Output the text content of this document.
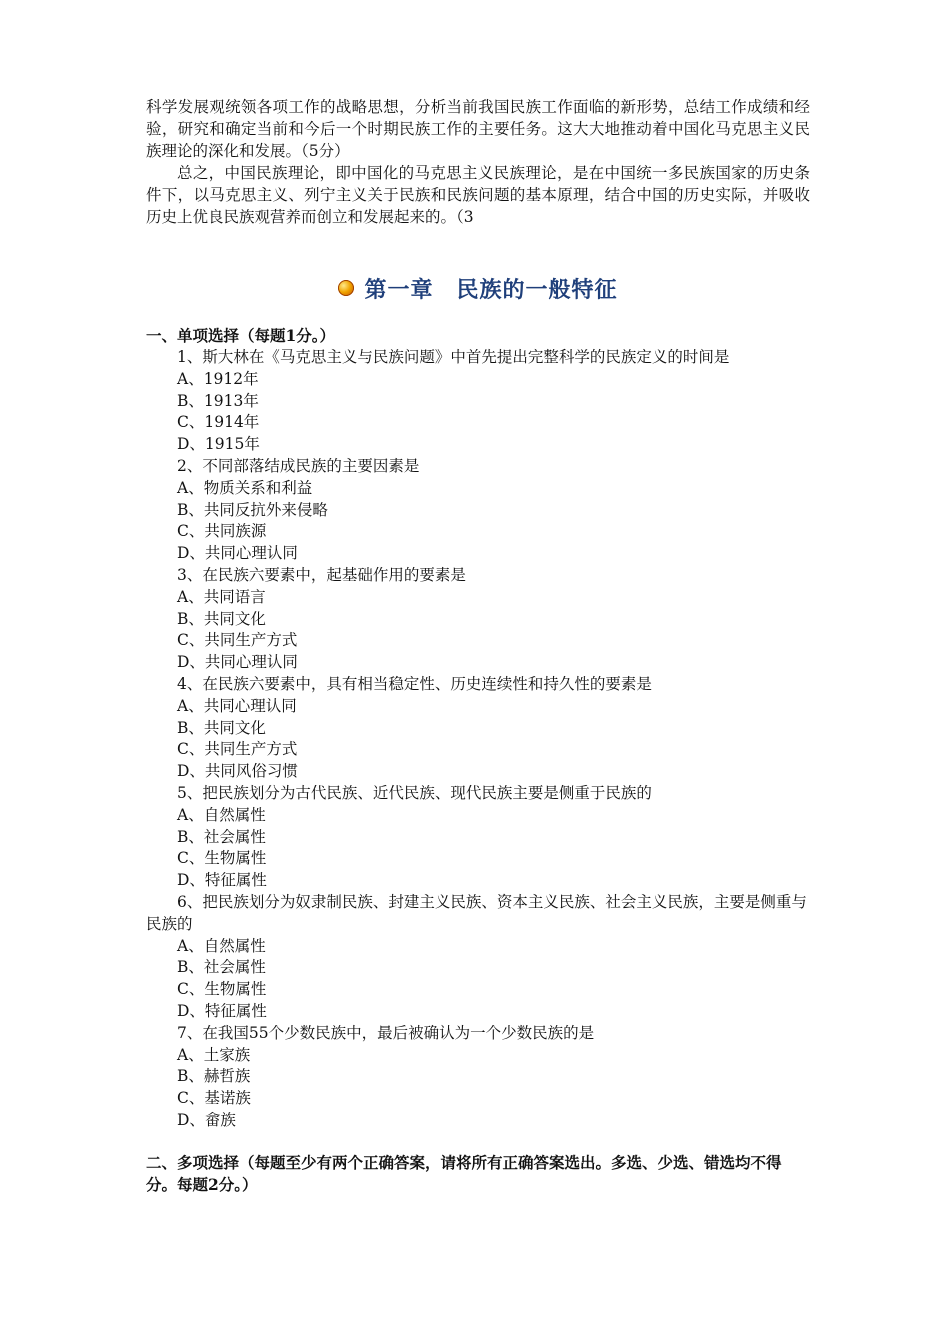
科学发展观统领各项工作的战略思想，分析当前我国民族工作面临的新形势，总结工作成绩和经验，研究和确定当前和今后一个时期民族工作的主要任务。这大大地推动着中国化马克思主义民族理论的深化和发展。（5分）

总之，中国民族理论，即中国化的马克思主义民族理论，是在中国统一多民族国家的历史条件下，以马克思主义、列宁主义关于民族和民族问题的基本原理，结合中国的历史实际，并吸收历史上优良民族观营养而创立和发展起来的。（3

第一章　民族的一般特征

一、单项选择（每题1分。）

1、斯大林在《马克思主义与民族问题》中首先提出完整科学的民族定义的时间是

A、1912年

B、1913年

C、1914年

D、1915年

2、不同部落结成民族的主要因素是

A、物质关系和利益

B、共同反抗外来侵略

C、共同族源

D、共同心理认同

3、在民族六要素中，起基础作用的要素是

A、共同语言

B、共同文化

C、共同生产方式

D、共同心理认同

4、在民族六要素中，具有相当稳定性、历史连续性和持久性的要素是

A、共同心理认同

B、共同文化

C、共同生产方式

D、共同风俗习惯

5、把民族划分为古代民族、近代民族、现代民族主要是侧重于民族的

A、自然属性

B、社会属性

C、生物属性

D、特征属性

6、把民族划分为奴隶制民族、封建主义民族、资本主义民族、社会主义民族，主要是侧重与民族的

A、自然属性

B、社会属性

C、生物属性

D、特征属性

7、在我国55个少数民族中，最后被确认为一个少数民族的是

A、土家族

B、赫哲族

C、基诺族

D、畲族

二、多项选择（每题至少有两个正确答案，请将所有正确答案选出。多选、少选、错选均不得分。每题2分。）
